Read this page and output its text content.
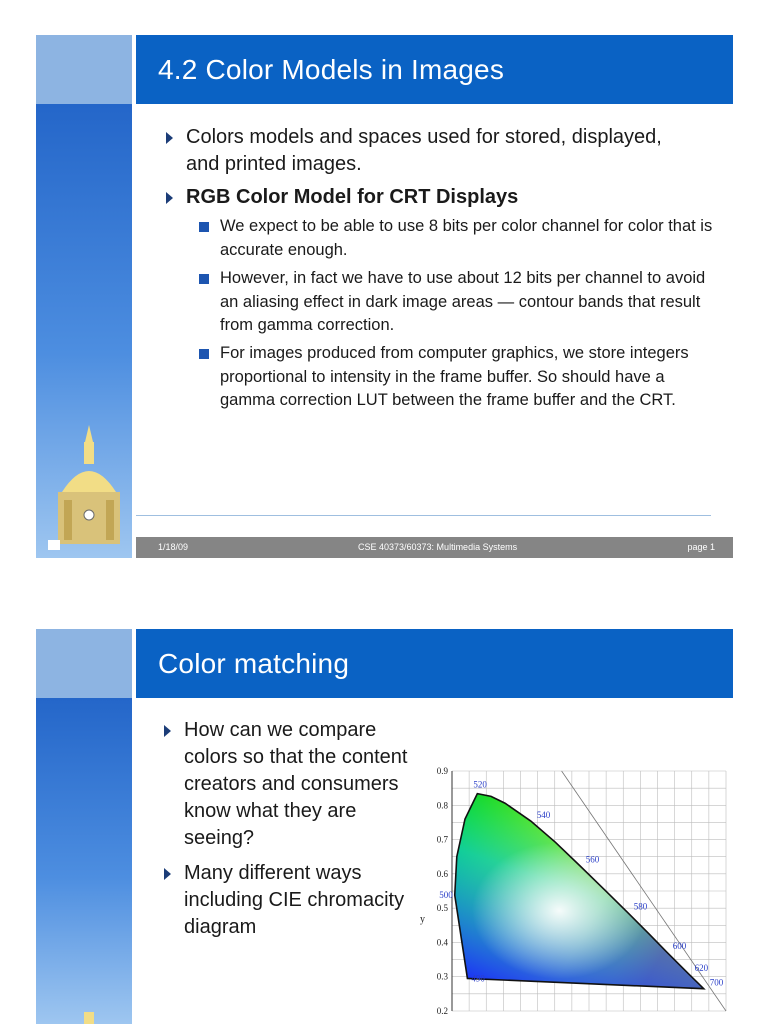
4.2 Color Models in Images
Colors models and spaces used for stored, displayed, and printed images.
RGB Color Model for CRT Displays
We expect to be able to use 8 bits per color channel for color that is accurate enough.
However, in fact we have to use about 12 bits per channel to avoid an aliasing effect in dark image areas — contour bands that result from gamma correction.
For images produced from computer graphics, we store integers proportional to intensity in the frame buffer. So should have a gamma correction LUT between the frame buffer and the CRT.
1/18/09	CSE 40373/60373: Multimedia Systems	page 1
Color matching
How can we compare colors so that the content creators and consumers know what they are seeing?
Many different ways including CIE chromacity diagram
0.9
0.8
0.7
0.6
0.5
0.4
0.3
0.2
y
520
540
560
580
600
620
700
500
490
